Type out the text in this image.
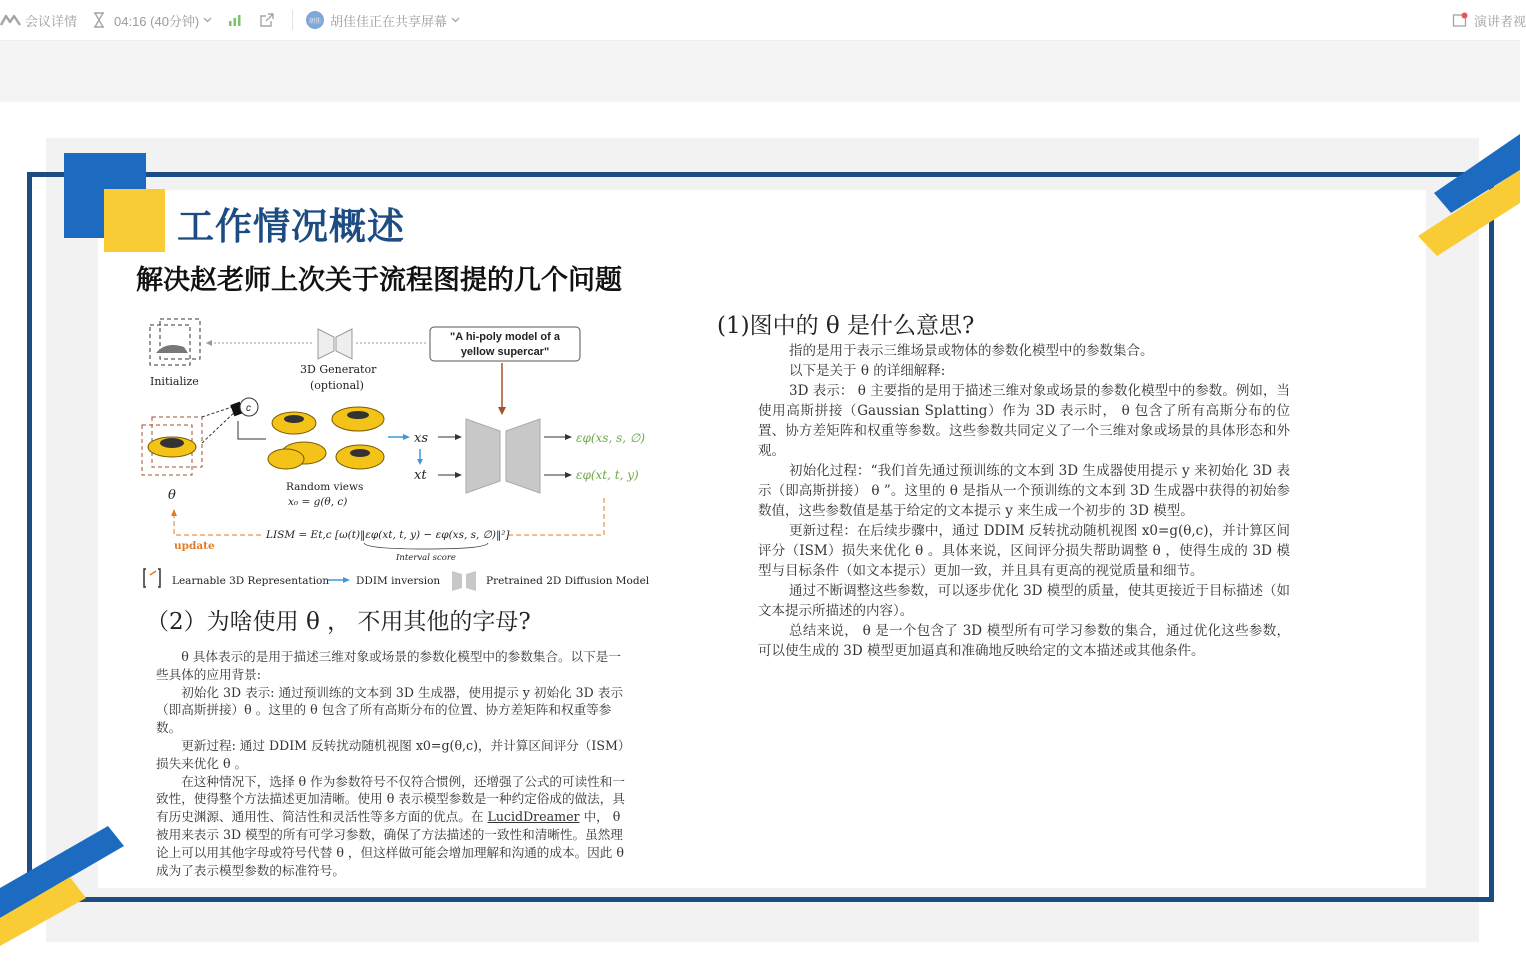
会议详情	04:16 (40分钟)	胡佳 胡佳佳正在共享屏幕	演讲者视
工作情况概述
解决赵老师上次关于流程图提的几个问题
Initialize
3D Generator
(optional)
"A hi-poly model of a
yellow supercar"
θ
c
Random views
x₀ = g(θ, c)
xs
xt
εφ(xs, s, ∅)
εφ(xt, t, y)
update
LISM = Et,c [ω(t)‖εφ(xt, t, y) − εφ(xs, s, ∅)‖²]
Interval score
Learnable 3D Representation	DDIM inversion	Pretrained 2D Diffusion Model
（2）为啥使用 θ ， 不用其他的字母?

θ 具体表示的是用于描述三维对象或场景的参数化模型中的参数集合。以下是一些具体的应用背景:

初始化 3D 表示: 通过预训练的文本到 3D 生成器，使用提示 y 初始化 3D 表示（即高斯拼接）θ 。这里的 θ 包含了所有高斯分布的位置、协方差矩阵和权重等参数。

更新过程: 通过 DDIM 反转扰动随机视图 x0=g(θ,c)，并计算区间评分（ISM）损失来优化 θ 。

在这种情况下，选择 θ 作为参数符号不仅符合惯例，还增强了公式的可读性和一致性，使得整个方法描述更加清晰。使用 θ 表示模型参数是一种约定俗成的做法，具有历史渊源、通用性、简洁性和灵活性等多方面的优点。在 LucidDreamer 中， θ 被用来表示 3D 模型的所有可学习参数，确保了方法描述的一致性和清晰性。虽然理论上可以用其他字母或符号代替 θ ，但这样做可能会增加理解和沟通的成本。因此 θ 成为了表示模型参数的标准符号。

(1)图中的 θ 是什么意思?

指的是用于表示三维场景或物体的参数化模型中的参数集合。

以下是关于 θ 的详细解释:

3D 表示： θ 主要指的是用于描述三维对象或场景的参数化模型中的参数。例如，当使用高斯拼接（Gaussian Splatting）作为 3D 表示时， θ 包含了所有高斯分布的位置、协方差矩阵和权重等参数。这些参数共同定义了一个三维对象或场景的具体形态和外观。

初始化过程：“我们首先通过预训练的文本到 3D 生成器使用提示 y 来初始化 3D 表示（即高斯拼接） θ ”。这里的 θ 是指从一个预训练的文本到 3D 生成器中获得的初始参数值，这些参数值是基于给定的文本提示 y 来生成一个初步的 3D 模型。

更新过程：在后续步骤中，通过 DDIM 反转扰动随机视图 x0=g(θ,c)，并计算区间评分（ISM）损失来优化 θ 。具体来说，区间评分损失帮助调整 θ ，使得生成的 3D 模型与目标条件（如文本提示）更加一致，并且具有更高的视觉质量和细节。

通过不断调整这些参数，可以逐步优化 3D 模型的质量，使其更接近于目标描述（如文本提示所描述的内容）。

总结来说， θ 是一个包含了 3D 模型所有可学习参数的集合，通过优化这些参数，可以使生成的 3D 模型更加逼真和准确地反映给定的文本描述或其他条件。
